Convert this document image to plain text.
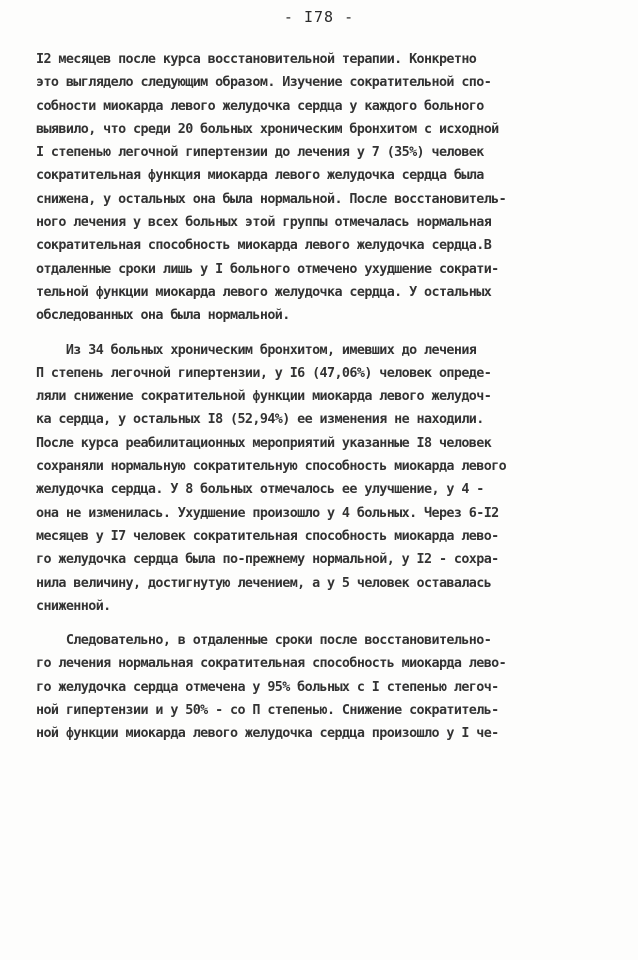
- I78 -
I2 месяцев после курса восстановительной терапии. Конкретно
это выглядело следующим образом. Изучение сократительной спо-
собности миокарда левого желудочка сердца у каждого больного
выявило, что среди 20 больных хроническим бронхитом с исходной
I степенью легочной гипертензии до лечения у 7 (35%) человек
сократительная функция миокарда левого желудочка сердца была
снижена, у остальных она была нормальной. После восстановитель-
ного лечения у всех больных этой группы отмечалась нормальная
сократительная способность миокарда левого желудочка сердца.В
отдаленные сроки лишь у I больного отмечено ухудшение сократи-
тельной функции миокарда левого желудочка сердца. У остальных
обследованных она была нормальной.
Из 34 больных хроническим бронхитом, имевших до лечения
П степень легочной гипертензии, у I6 (47,06%) человек опреде-
ляли снижение сократительной функции миокарда левого желудоч-
ка сердца, у остальных I8 (52,94%) ее изменения не находили.
После курса реабилитационных мероприятий указанные I8 человек
сохраняли нормальную сократительную способность миокарда левого
желудочка сердца. У 8 больных отмечалось ее улучшение, у 4 -
она не изменилась. Ухудшение произошло у 4 больных. Через 6-I2
месяцев у I7 человек сократительная способность миокарда левo-
го желудочка сердца была по-прежнему нормальной, у I2 - сохра-
нила величину, достигнутую лечением, а у 5 человек оставалась
сниженной.
Следовательно, в отдаленные сроки после восстановительно-
го лечения нормальная сократительная способность миокарда лево-
го желудочка сердца отмечена у 95% больных с I степенью легоч-
ной гипертензии и у 50% - со П степенью. Снижение сократитель-
ной функции миокарда левого желудочка сердца произошло у I че-
